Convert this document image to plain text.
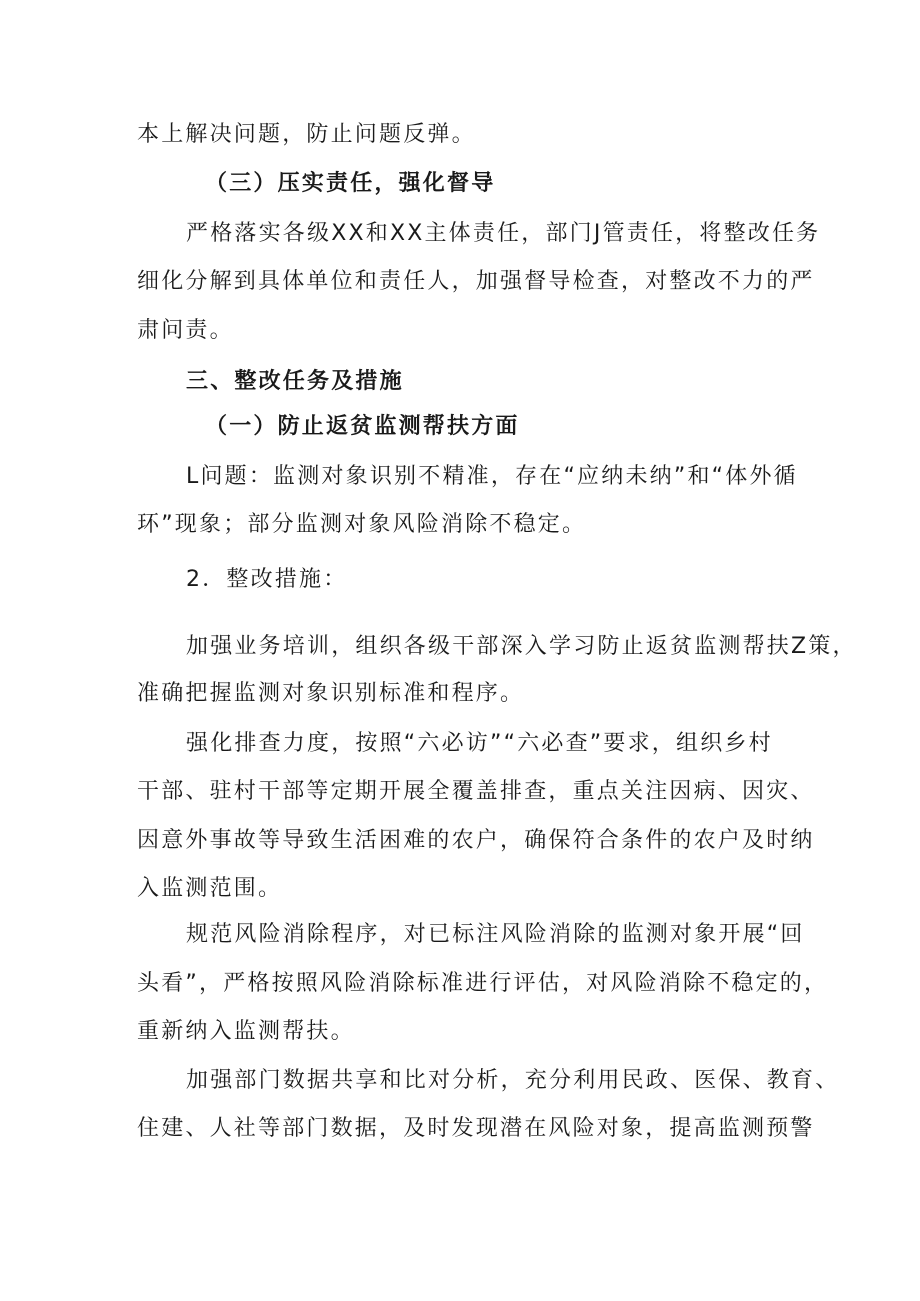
本上解决问题，防止问题反弹。
（三）压实责任，强化督导
严格落实各级XX和XX主体责任，部门J管责任，将整改任务
细化分解到具体单位和责任人，加强督导检查，对整改不力的严
肃问责。
三、整改任务及措施
（一）防止返贫监测帮扶方面
L问题：监测对象识别不精准，存在“应纳未纳”和“体外循
环”现象；部分监测对象风险消除不稳定。
2．整改措施：
加强业务培训，组织各级干部深入学习防止返贫监测帮扶Z策，
准确把握监测对象识别标准和程序。
强化排查力度，按照“六必访”“六必查”要求，组织乡村
干部、驻村干部等定期开展全覆盖排查，重点关注因病、因灾、
因意外事故等导致生活困难的农户，确保符合条件的农户及时纳
入监测范围。
规范风险消除程序，对已标注风险消除的监测对象开展“回
头看”，严格按照风险消除标准进行评估，对风险消除不稳定的，
重新纳入监测帮扶。
加强部门数据共享和比对分析，充分利用民政、医保、教育、
住建、人社等部门数据，及时发现潜在风险对象，提高监测预警
